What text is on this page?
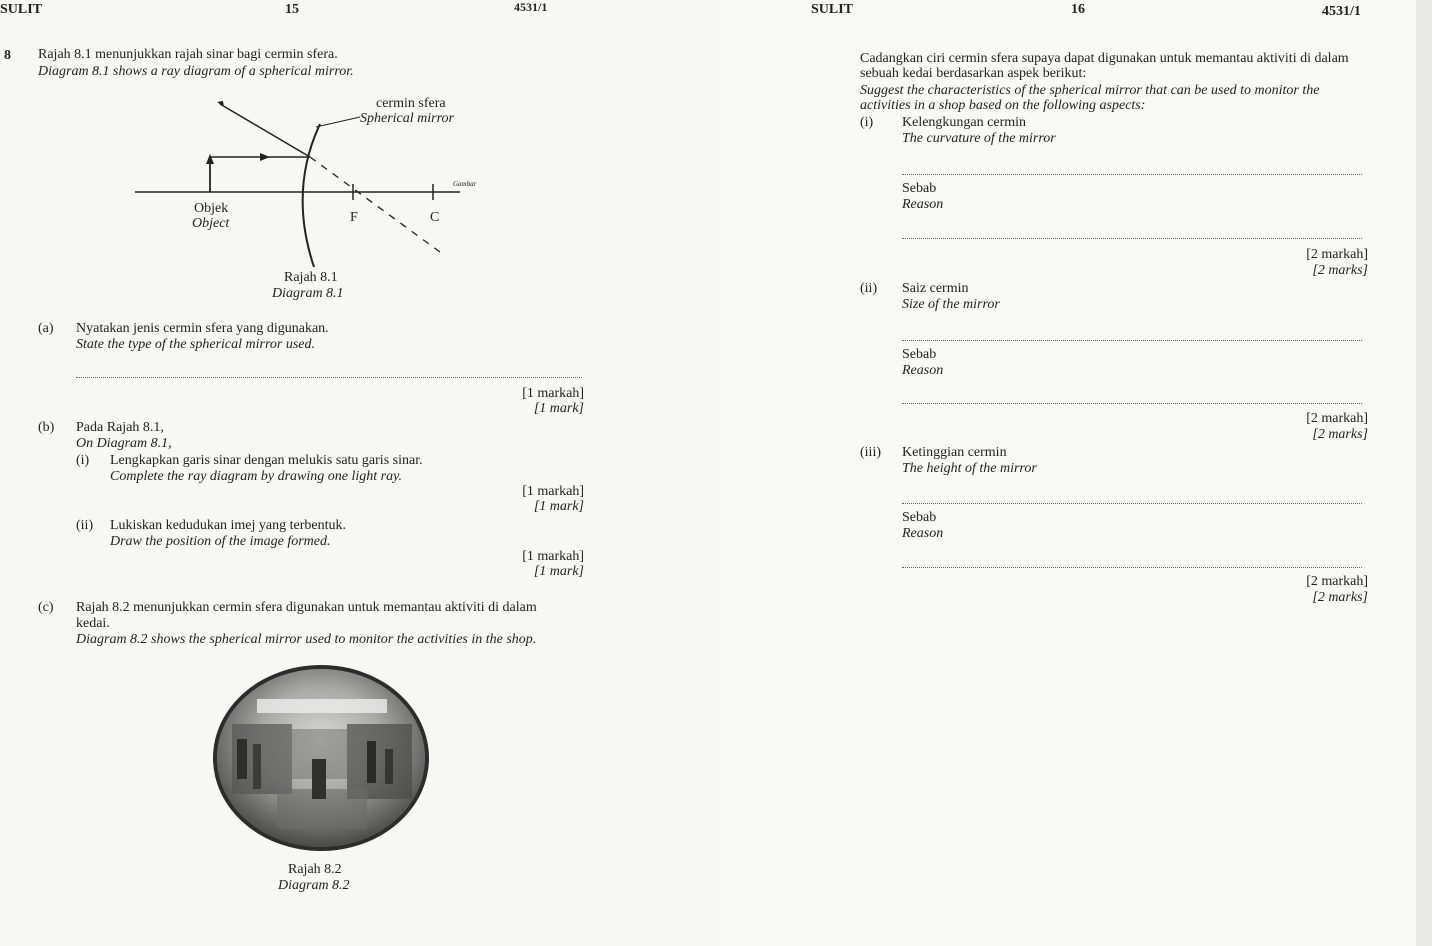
SULIT	15	4531/1
8 Rajah 8.1 menunjukkan rajah sinar bagi cermin sfera.
Diagram 8.1 shows a ray diagram of a spherical mirror.
cermin sfera
Spherical mirror
Gambar
Objek
Object	F	C
Rajah 8.1
Diagram 8.1
(a) Nyatakan jenis cermin sfera yang digunakan.
State the type of the spherical mirror used.
[1 markah]
[1 mark]
(b) Pada Rajah 8.1,
On Diagram 8.1,
(i) Lengkapkan garis sinar dengan melukis satu garis sinar.
Complete the ray diagram by drawing one light ray.
[1 markah]
[1 mark]
(ii) Lukiskan kedudukan imej yang terbentuk.
Draw the position of the image formed.
[1 markah]
[1 mark]
(c) Rajah 8.2 menunjukkan cermin sfera digunakan untuk memantau aktiviti di dalam
kedai.
Diagram 8.2 shows the spherical mirror used to monitor the activities in the shop.
Rajah 8.2
Diagram 8.2
SULIT	16	4531/1
Cadangkan ciri cermin sfera supaya dapat digunakan untuk memantau aktiviti di dalam
sebuah kedai berdasarkan aspek berikut:
Suggest the characteristics of the spherical mirror that can be used to monitor the
activities in a shop based on the following aspects:
(i) Kelengkungan cermin
The curvature of the mirror
Sebab
Reason
[2 markah]
[2 marks]
(ii) Saiz cermin
Size of the mirror
Sebab
Reason
[2 markah]
[2 marks]
(iii) Ketinggian cermin
The height of the mirror
Sebab
Reason
[2 markah]
[2 marks]
